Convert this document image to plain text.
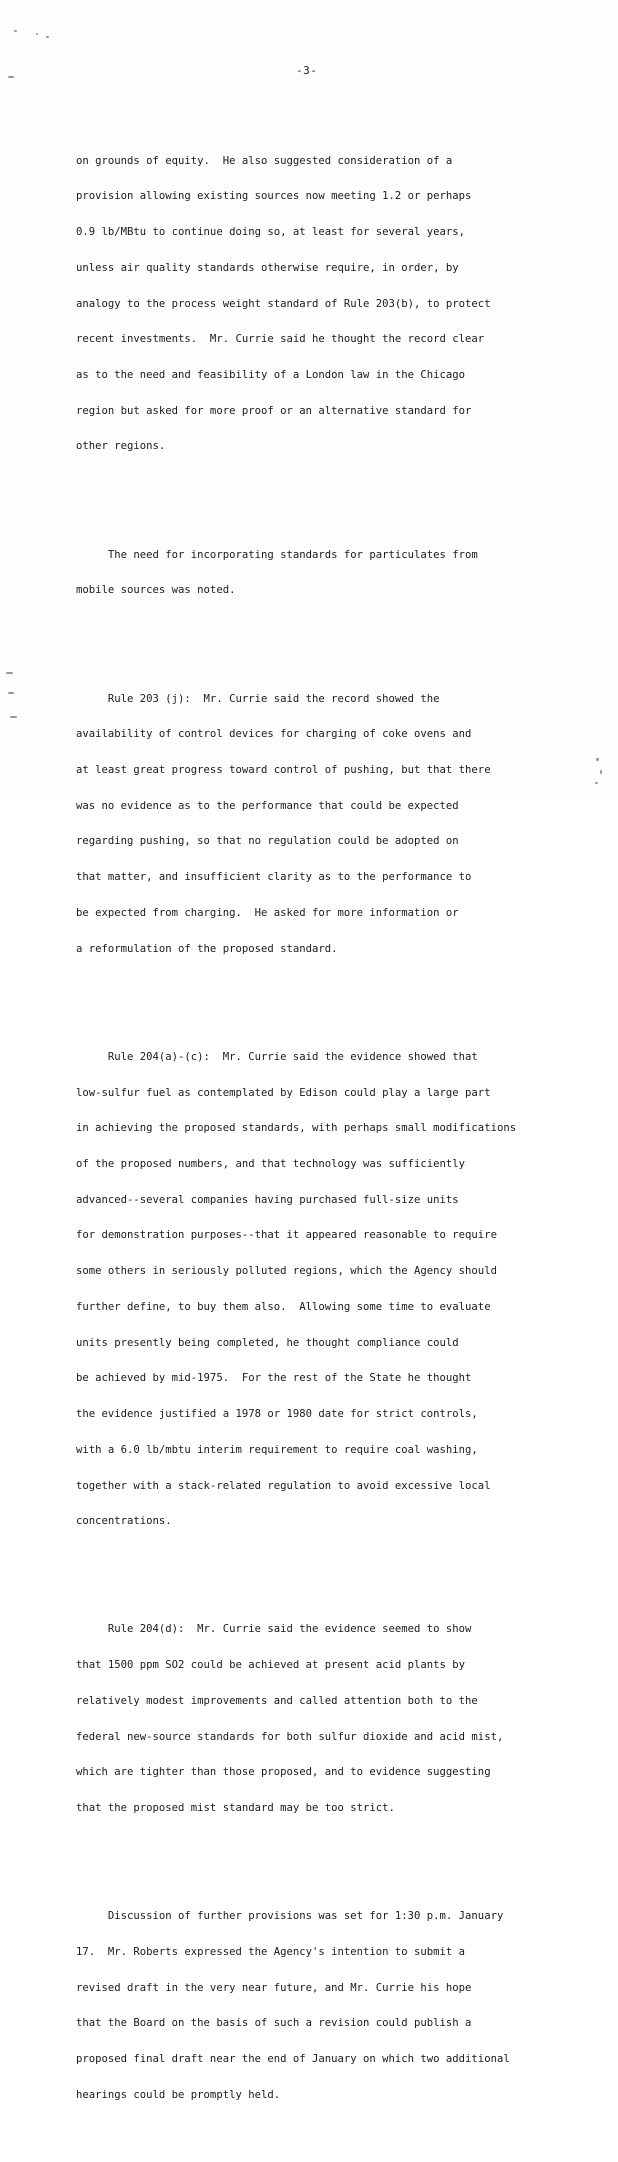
-3-

on grounds of equity.  He also suggested consideration of a

provision allowing existing sources now meeting 1.2 or perhaps

0.9 lb/MBtu to continue doing so, at least for several years,

unless air quality standards otherwise require, in order, by

analogy to the process weight standard of Rule 203(b), to protect

recent investments.  Mr. Currie said he thought the record clear

as to the need and feasibility of a London law in the Chicago

region but asked for more proof or an alternative standard for

other regions.

The need for incorporating standards for particulates from

mobile sources was noted.

Rule 203 (j):  Mr. Currie said the record showed the

availability of control devices for charging of coke ovens and

at least great progress toward control of pushing, but that there

was no evidence as to the performance that could be expected

regarding pushing, so that no regulation could be adopted on

that matter, and insufficient clarity as to the performance to

be expected from charging.  He asked for more information or

a reformulation of the proposed standard.

Rule 204(a)-(c):  Mr. Currie said the evidence showed that

low-sulfur fuel as contemplated by Edison could play a large part

in achieving the proposed standards, with perhaps small modifications

of the proposed numbers, and that technology was sufficiently

advanced--several companies having purchased full-size units

for demonstration purposes--that it appeared reasonable to require

some others in seriously polluted regions, which the Agency should

further define, to buy them also.  Allowing some time to evaluate

units presently being completed, he thought compliance could

be achieved by mid-1975.  For the rest of the State he thought

the evidence justified a 1978 or 1980 date for strict controls,

with a 6.0 lb/mbtu interim requirement to require coal washing,

together with a stack-related regulation to avoid excessive local

concentrations.

Rule 204(d):  Mr. Currie said the evidence seemed to show

that 1500 ppm SO2 could be achieved at present acid plants by

relatively modest improvements and called attention both to the

federal new-source standards for both sulfur dioxide and acid mist,

which are tighter than those proposed, and to evidence suggesting

that the proposed mist standard may be too strict.

Discussion of further provisions was set for 1:30 p.m. January

17.  Mr. Roberts expressed the Agency's intention to submit a

revised draft in the very near future, and Mr. Currie his hope

that the Board on the basis of such a revision could publish a

proposed final draft near the end of January on which two additional

hearings could be promptly held.
